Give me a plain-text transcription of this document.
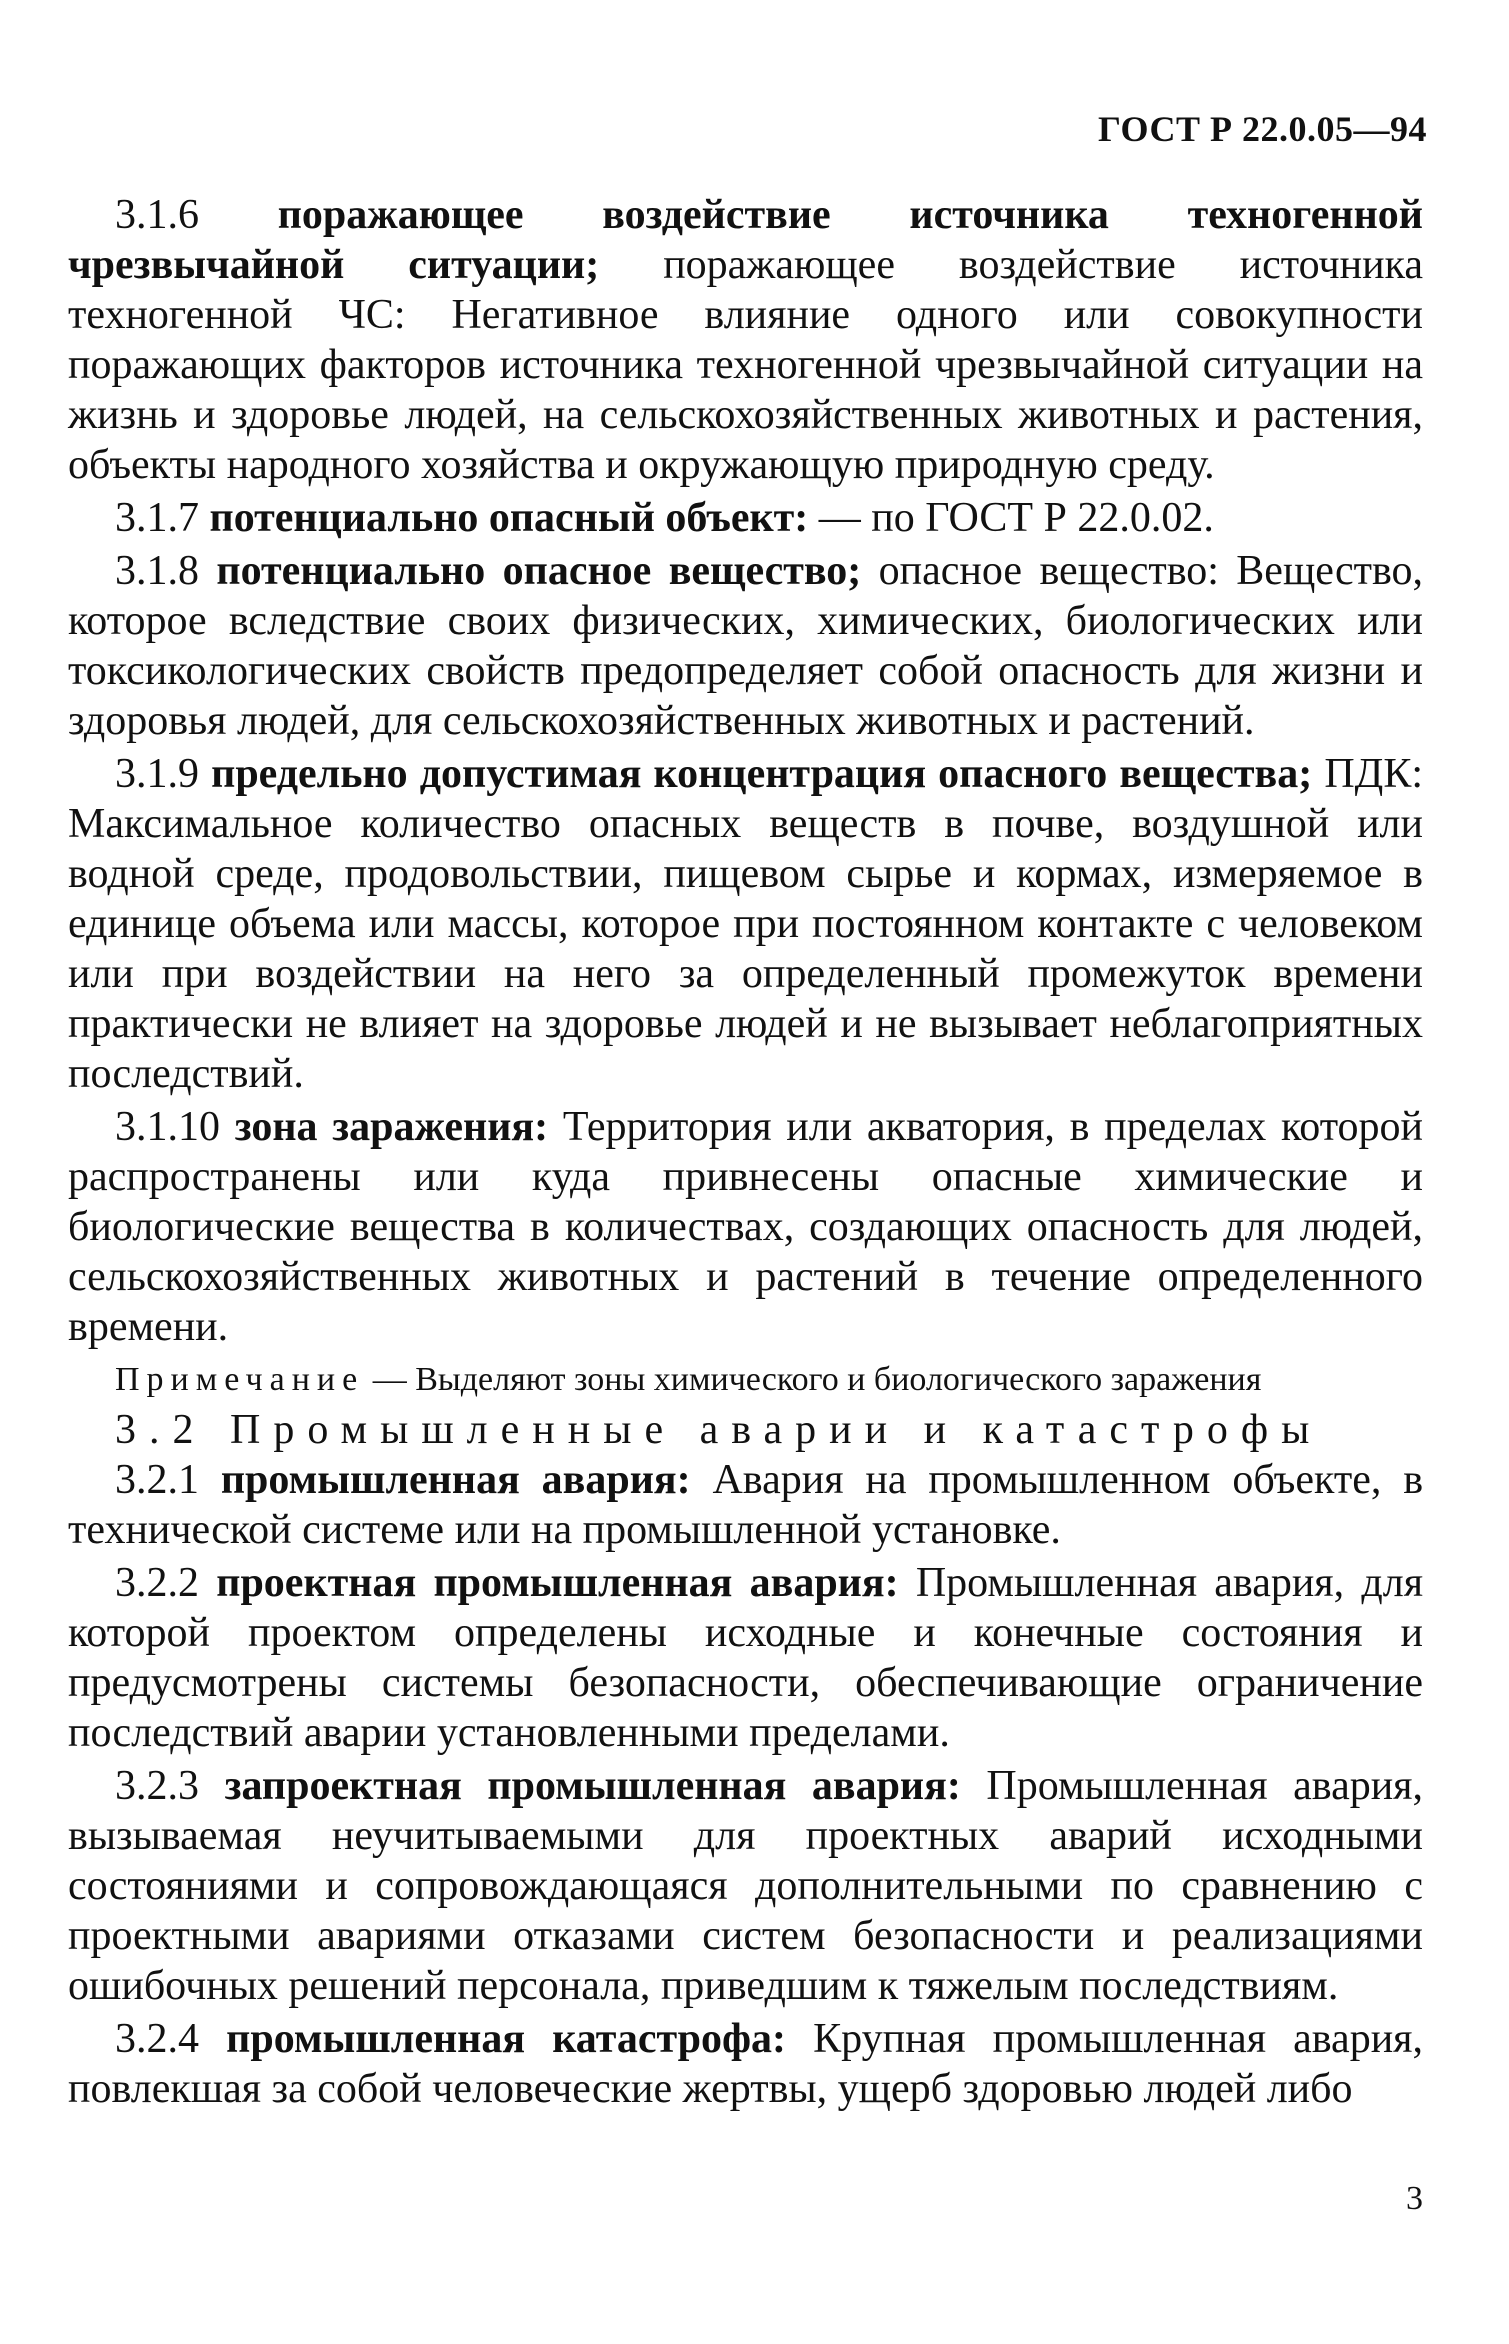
ГОСТ Р 22.0.05—94

3.1.6 поражающее воздействие источника техногенной чрезвычайной ситуации; поражающее воздействие источника техногенной ЧС: Негативное влияние одного или совокупности поражающих факторов источника техногенной чрезвычайной ситуации на жизнь и здоровье людей, на сельскохозяйственных животных и растения, объекты народного хозяйства и окружающую природную среду.

3.1.7 потенциально опасный объект: — по ГОСТ Р 22.0.02.

3.1.8 потенциально опасное вещество; опасное вещество: Вещество, которое вследствие своих физических, химических, биологических или токсикологических свойств предопределяет собой опасность для жизни и здоровья людей, для сельскохозяйственных животных и растений.

3.1.9 предельно допустимая концентрация опасного вещества; ПДК: Максимальное количество опасных веществ в почве, воздушной или водной среде, продовольствии, пищевом сырье и кормах, измеряемое в единице объема или массы, которое при постоянном контакте с человеком или при воздействии на него за определенный промежуток времени практически не влияет на здоровье людей и не вызывает неблагоприятных последствий.

3.1.10 зона заражения: Территория или акватория, в пределах которой распространены или куда привнесены опасные химические и биологические вещества в количествах, создающих опасность для людей, сельскохозяйственных животных и растений в течение определенного времени.

Примечание — Выделяют зоны химического и биологического заражения

3.2 Промышленные аварии и катастрофы

3.2.1 промышленная авария: Авария на промышленном объекте, в технической системе или на промышленной установке.

3.2.2 проектная промышленная авария: Промышленная авария, для которой проектом определены исходные и конечные состояния и предусмотрены системы безопасности, обеспечивающие ограничение последствий аварии установленными пределами.

3.2.3 запроектная промышленная авария: Промышленная авария, вызываемая неучитываемыми для проектных аварий исходными состояниями и сопровождающаяся дополнительными по сравнению с проектными авариями отказами систем безопасности и реализациями ошибочных решений персонала, приведшим к тяжелым последствиям.

3.2.4 промышленная катастрофа: Крупная промышленная авария, повлекшая за собой человеческие жертвы, ущерб здоровью людей либо

3
